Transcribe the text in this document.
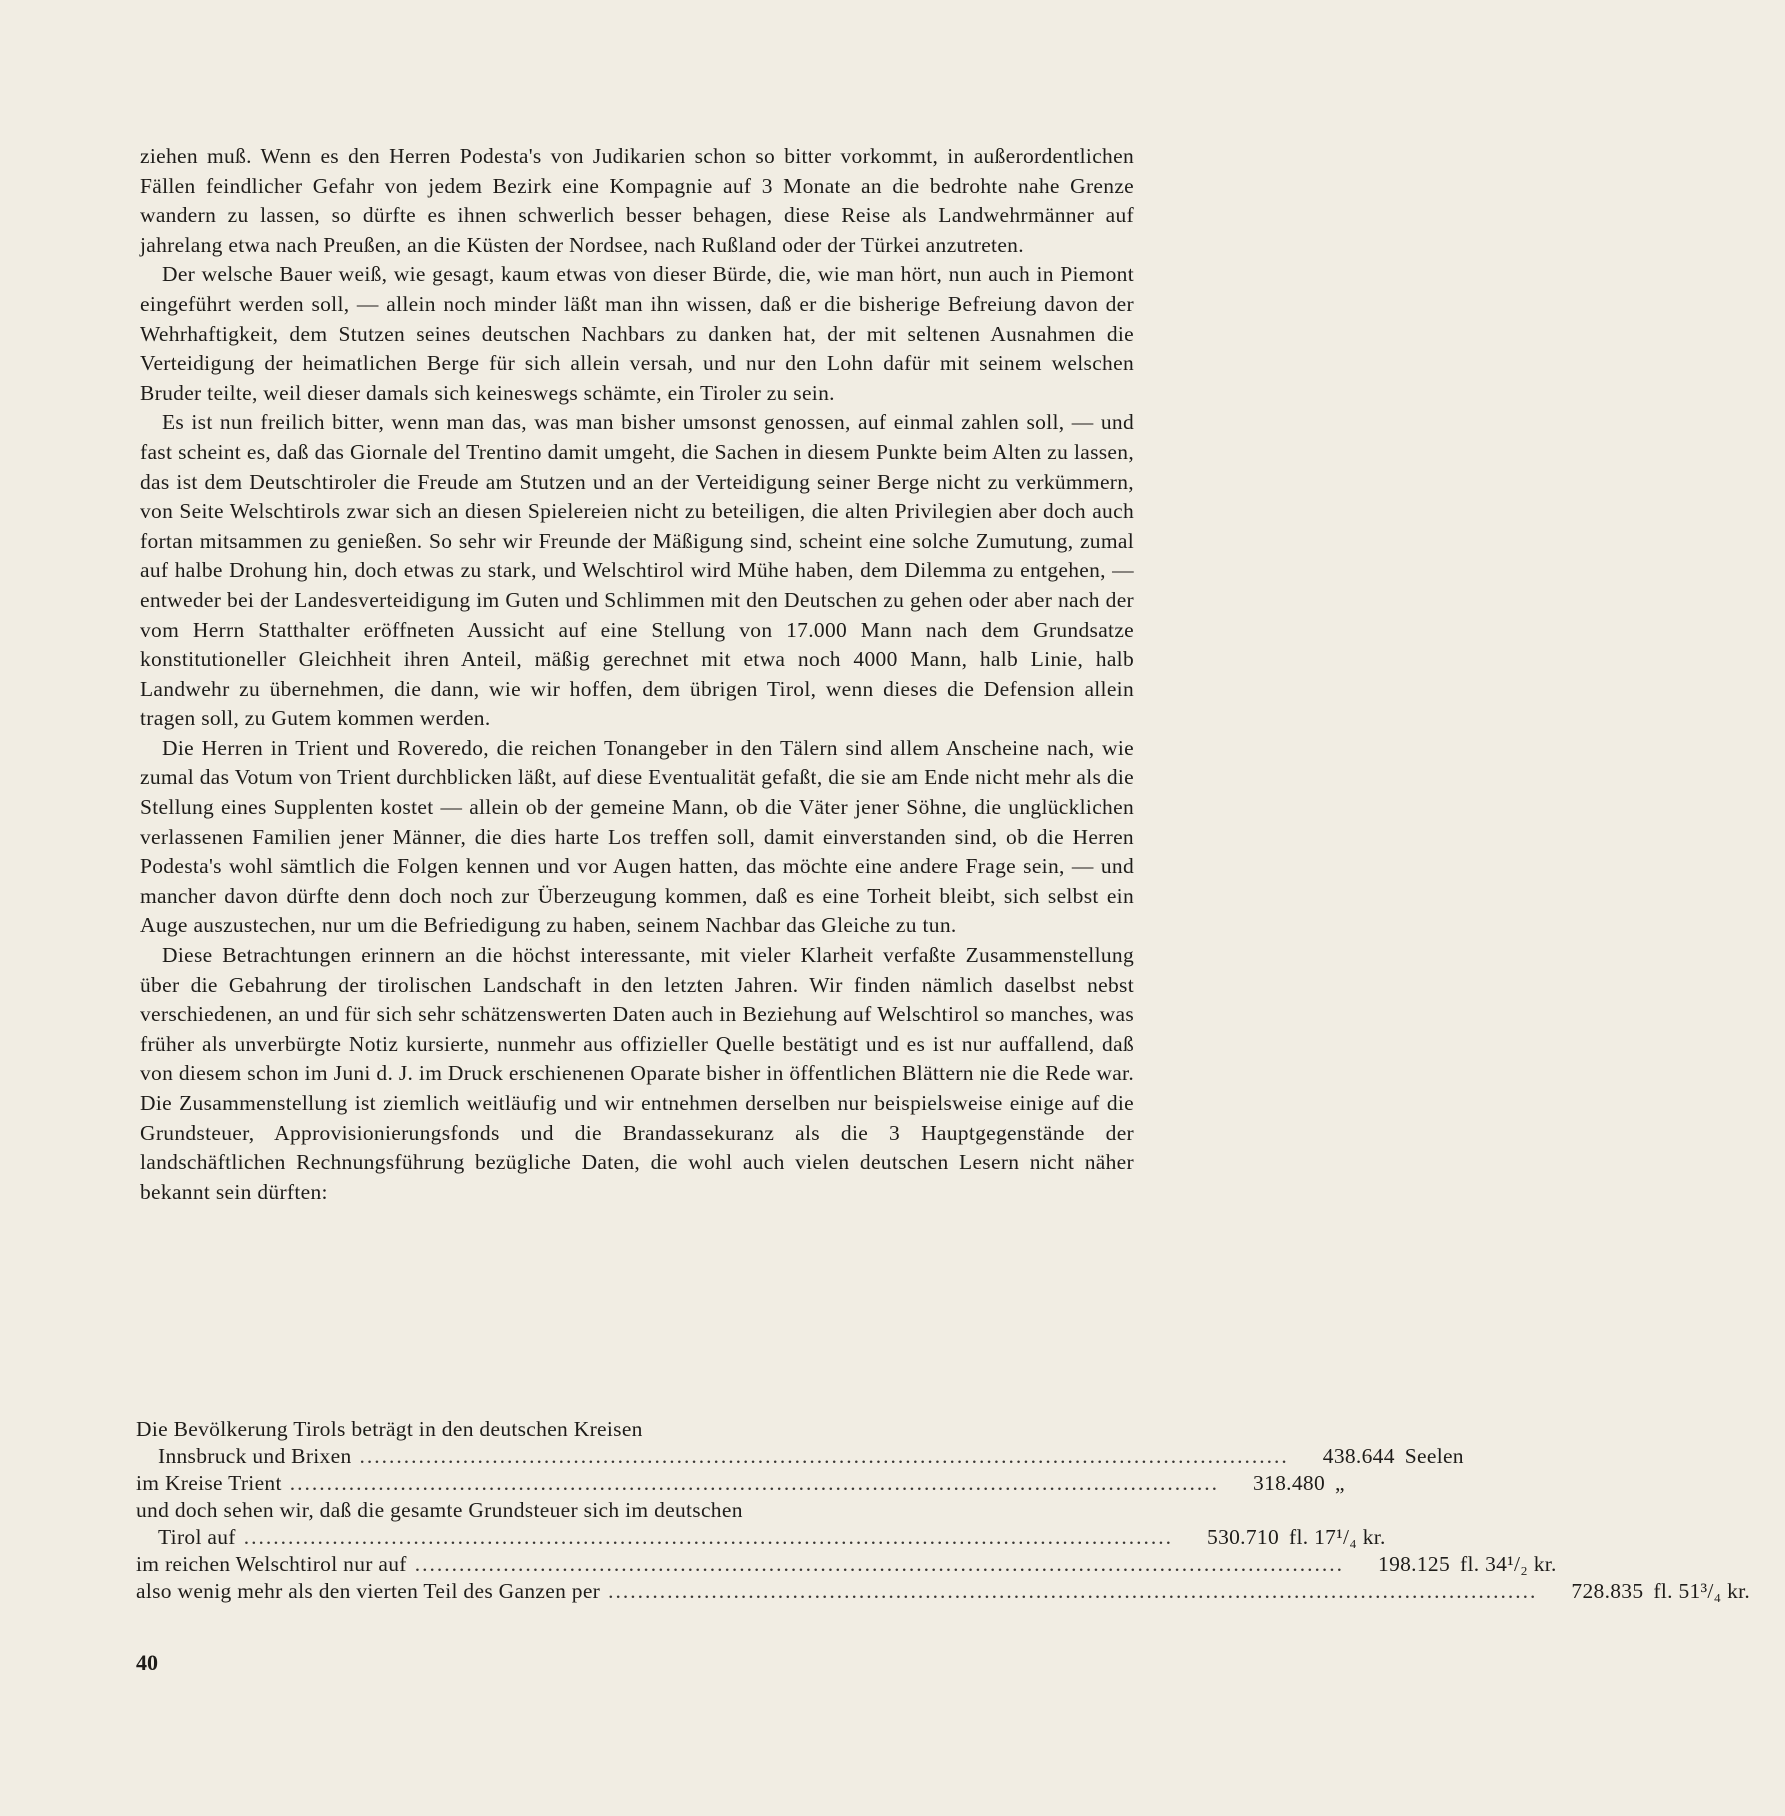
ziehen muß. Wenn es den Herren Podesta's von Judikarien schon so bitter vorkommt, in außerordentlichen Fällen feindlicher Gefahr von jedem Bezirk eine Kompagnie auf 3 Monate an die bedrohte nahe Grenze wandern zu lassen, so dürfte es ihnen schwerlich besser behagen, diese Reise als Landwehrmänner auf jahrelang etwa nach Preußen, an die Küsten der Nordsee, nach Rußland oder der Türkei anzutreten.

Der welsche Bauer weiß, wie gesagt, kaum etwas von dieser Bürde, die, wie man hört, nun auch in Piemont eingeführt werden soll, — allein noch minder läßt man ihn wissen, daß er die bisherige Befreiung davon der Wehrhaftigkeit, dem Stutzen seines deutschen Nachbars zu danken hat, der mit seltenen Ausnahmen die Verteidigung der heimatlichen Berge für sich allein versah, und nur den Lohn dafür mit seinem welschen Bruder teilte, weil dieser damals sich keineswegs schämte, ein Tiroler zu sein.

Es ist nun freilich bitter, wenn man das, was man bisher umsonst genossen, auf einmal zahlen soll, — und fast scheint es, daß das Giornale del Trentino damit umgeht, die Sachen in diesem Punkte beim Alten zu lassen, das ist dem Deutschtiroler die Freude am Stutzen und an der Verteidigung seiner Berge nicht zu verkümmern, von Seite Welschtirols zwar sich an diesen Spielereien nicht zu beteiligen, die alten Privilegien aber doch auch fortan mitsammen zu genießen. So sehr wir Freunde der Mäßigung sind, scheint eine solche Zumutung, zumal auf halbe Drohung hin, doch etwas zu stark, und Welschtirol wird Mühe haben, dem Dilemma zu entgehen, — entweder bei der Landesverteidigung im Guten und Schlimmen mit den Deutschen zu gehen oder aber nach der vom Herrn Statthalter eröffneten Aussicht auf eine Stellung von 17.000 Mann nach dem Grundsatze konstitutioneller Gleichheit ihren Anteil, mäßig gerechnet mit etwa noch 4000 Mann, halb Linie, halb Landwehr zu übernehmen, die dann, wie wir hoffen, dem übrigen Tirol, wenn dieses die Defension allein tragen soll, zu Gutem kommen werden.

Die Herren in Trient und Roveredo, die reichen Tonangeber in den Tälern sind allem Anscheine nach, wie zumal das Votum von Trient durchblicken läßt, auf diese Eventualität gefaßt, die sie am Ende nicht mehr als die Stellung eines Supplenten kostet — allein ob der gemeine Mann, ob die Väter jener Söhne, die unglücklichen verlassenen Familien jener Männer, die dies harte Los treffen soll, damit einverstanden sind, ob die Herren Podesta's wohl sämtlich die Folgen kennen und vor Augen hatten, das möchte eine andere Frage sein, — und mancher davon dürfte denn doch noch zur Überzeugung kommen, daß es eine Torheit bleibt, sich selbst ein Auge auszustechen, nur um die Befriedigung zu haben, seinem Nachbar das Gleiche zu tun.

Diese Betrachtungen erinnern an die höchst interessante, mit vieler Klarheit verfaßte Zusammenstellung über die Gebahrung der tirolischen Landschaft in den letzten Jahren. Wir finden nämlich daselbst nebst verschiedenen, an und für sich sehr schätzenswerten Daten auch in Beziehung auf Welschtirol so manches, was früher als unverbürgte Notiz kursierte, nunmehr aus offizieller Quelle bestätigt und es ist nur auffallend, daß von diesem schon im Juni d. J. im Druck erschienenen Oparate bisher in öffentlichen Blättern nie die Rede war. Die Zusammenstellung ist ziemlich weitläufig und wir entnehmen derselben nur beispielsweise einige auf die Grundsteuer, Approvisionierungsfonds und die Brandassekuranz als die 3 Hauptgegenstände der landschäftlichen Rechnungsführung bezügliche Daten, die wohl auch vielen deutschen Lesern nicht näher bekannt sein dürften:

Die Bevölkerung Tirols beträgt in den deutschen Kreisen
Innsbruck und Brixen ..............................................................................................................................	438.644 Seelen
im Kreise Trient ..............................................................................................................................	318.480 „
und doch sehen wir, daß die gesamte Grundsteuer sich im deutschen
Tirol auf ..............................................................................................................................	530.710 fl. 17¹/₄ kr.
im reichen Welschtirol nur auf ..............................................................................................................................	198.125 fl. 34¹/₂ kr.
also wenig mehr als den vierten Teil des Ganzen per ..............................................................................................................................	728.835 fl. 51³/₄ kr.
40
